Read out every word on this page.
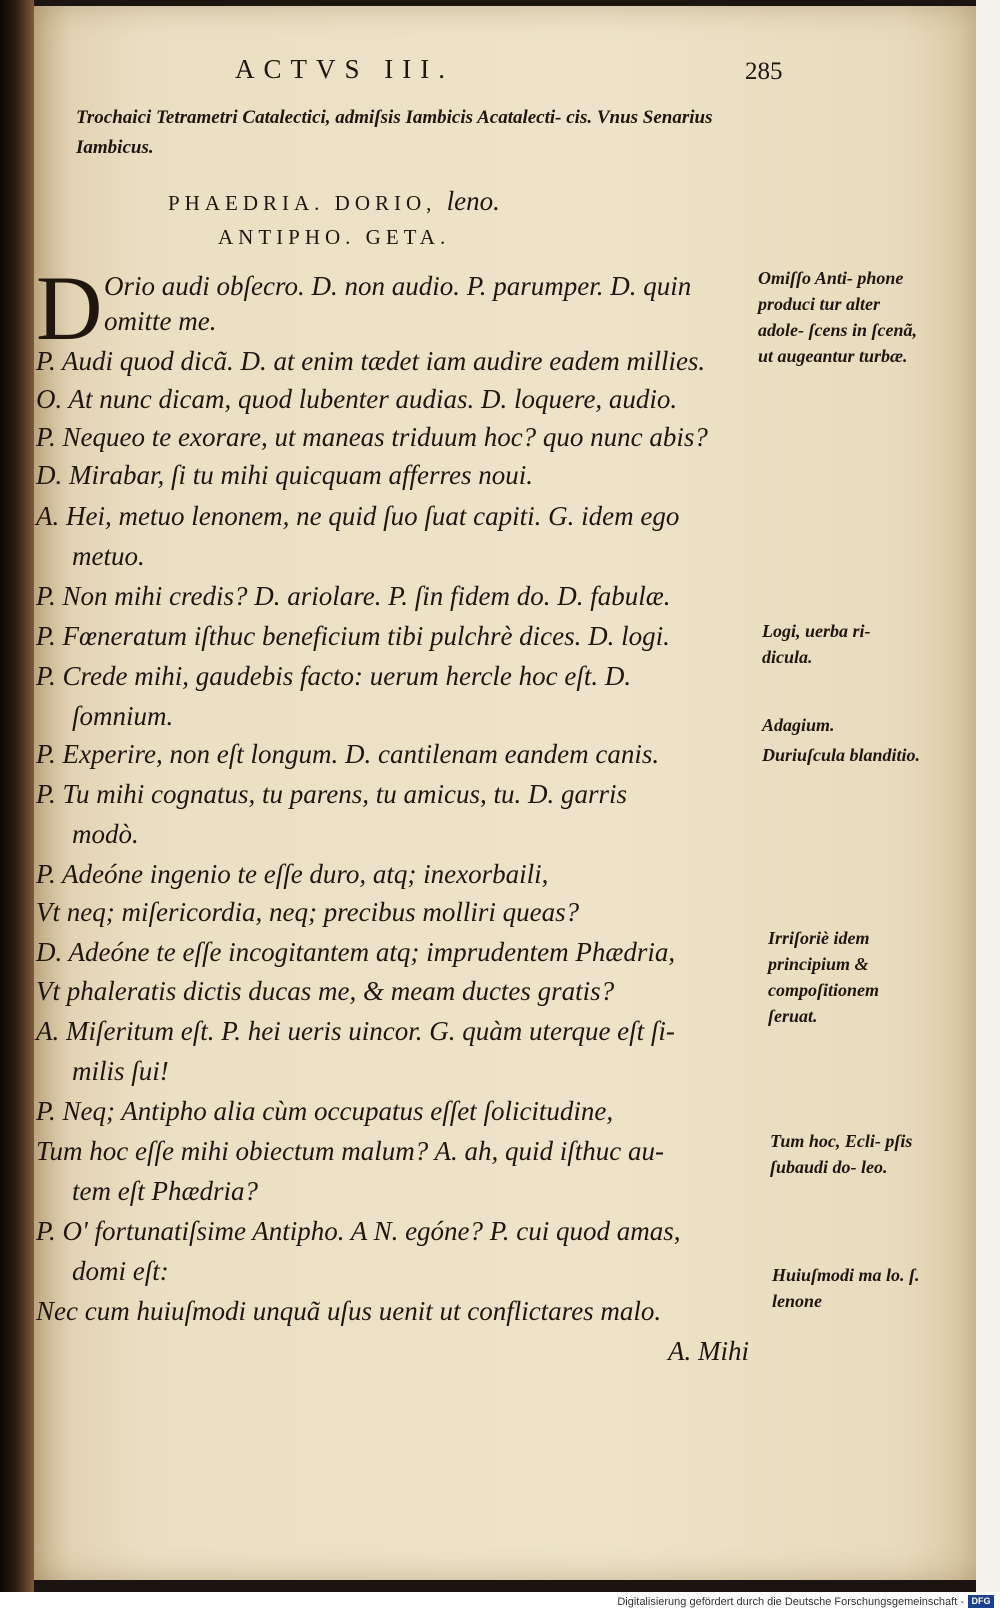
ACTVS III.	285
Trochaici Tetrametri Catalectici, admiſsis Iambicis Acatalecti- cis. Vnus Senarius Iambicus.
PHAEDRIA. DORIO, leno.
ANTIPHO. GETA.
D Orio audi obſecro. D. non audio. P. parumper. D. quin
omitte me.
P. Audi quod dicã. D. at enim tædet iam audire eadem millies.
O. At nunc dicam, quod lubenter audias. D. loquere, audio.
P. Nequeo te exorare, ut maneas triduum hoc? quo nunc abis?
D. Mirabar, ſi tu mihi quicquam afferres noui.
A. Hei, metuo lenonem, ne quid ſuo ſuat capiti. G. idem ego
metuo.
P. Non mihi credis? D. ariolare. P. ſin fidem do. D. fabulæ.
P. Fœneratum iſthuc beneficium tibi pulchrè dices. D. logi.
P. Crede mihi, gaudebis facto: uerum hercle hoc eſt. D.
ſomnium.
P. Experire, non eſt longum. D. cantilenam eandem canis.
P. Tu mihi cognatus, tu parens, tu amicus, tu. D. garris
modò.
P. Adeóne ingenio te eſſe duro, atq; inexorbaili,
Vt neq; miſericordia, neq; precibus molliri queas?
D. Adeóne te eſſe incogitantem atq; imprudentem Phædria,
Vt phaleratis dictis ducas me, & meam ductes gratis?
A. Miſeritum eſt. P. hei ueris uincor. G. quàm uterque eſt ſi-
milis ſui!
P. Neq; Antipho alia cùm occupatus eſſet ſolicitudine,
Tum hoc eſſe mihi obiectum malum? A. ah, quid iſthuc au-
tem eſt Phædria?
P. O' fortunatiſsime Antipho. A N. egóne? P. cui quod amas,
domi eſt:
Nec cum huiuſmodi unquã uſus uenit ut conflictares malo.
A. Mihi
Omiſſo Anti- phone produci tur alter adole- ſcens in ſcenã, ut augeantur turbæ.
Logi, uerba ri- dicula.
Adagium.
Duriuſcula blanditio.
Irriſoriè idem principium & compoſitionem ſeruat.
Tum hoc, Ecli- pſis ſubaudi do- leo.
Huiuſmodi ma lo. ſ. lenone
Digitalisierung gefördert durch die Deutsche Forschungsgemeinschaft - DFG
